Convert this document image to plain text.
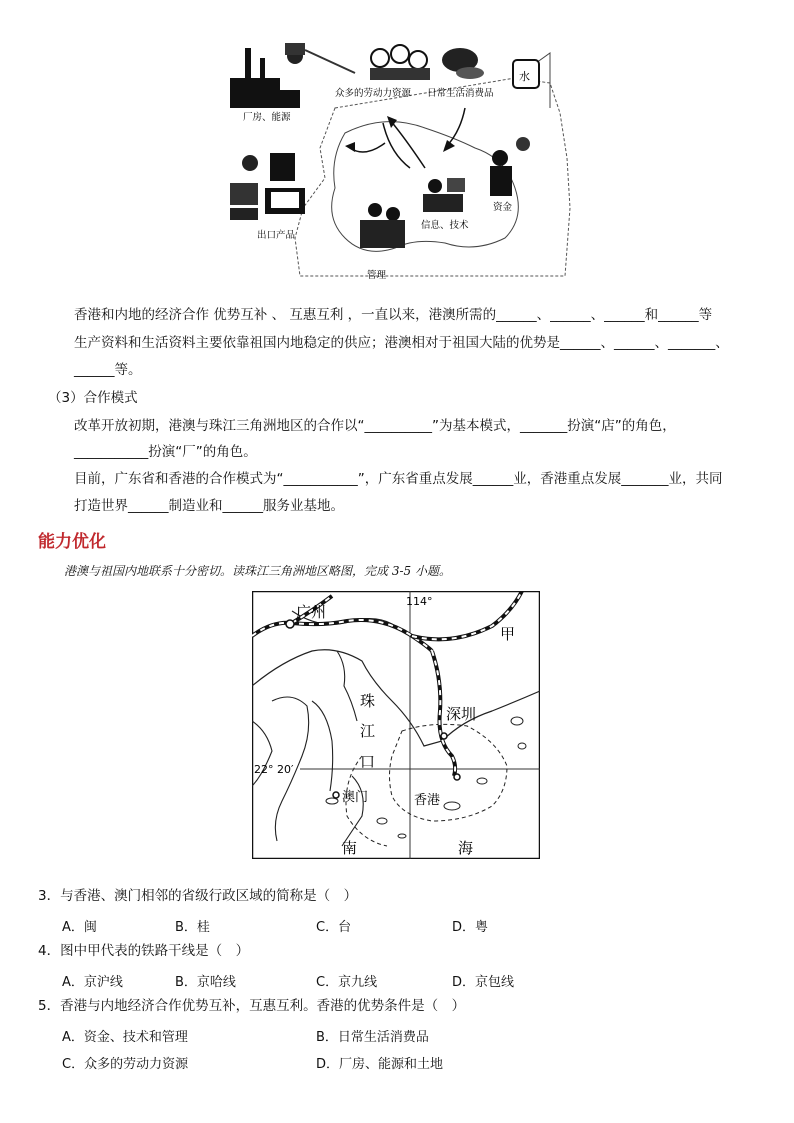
厂房、能源
众多的劳动力资源 日常生活消费品
水
出口产品
资金
信息、技术
管理
香港和内地的经济合作 优势互补 、 互惠互利 ，一直以来，港澳所需的______、______、______和______等
生产资料和生活资料主要依靠祖国内地稳定的供应；港澳相对于祖国大陆的优势是______、______、_______、
______等。
（3）合作模式
改革开放初期，港澳与珠江三角洲地区的合作以“__________”为基本模式，_______扮演“店”的角色，
___________扮演“厂”的角色。
目前，广东省和香港的合作模式为“___________”，广东省重点发展______业，香港重点发展_______业，共同
打造世界______制造业和______服务业基地。
能力优化
港澳与祖国内地联系十分密切。读珠江三角洲地区略图，完成 3-5 小题。
广州
114°
甲
珠
江
口
深圳
22° 20′
澳门	香港
南	海
3．与香港、澳门相邻的省级行政区域的简称是（　）
A．闽	B．桂	C．台	D．粤
4．图中甲代表的铁路干线是（　）
A．京沪线	B．京哈线	C．京九线	D．京包线
5．香港与内地经济合作优势互补，互惠互利。香港的优势条件是（　）
A．资金、技术和管理	B．日常生活消费品
C．众多的劳动力资源	D．厂房、能源和土地
